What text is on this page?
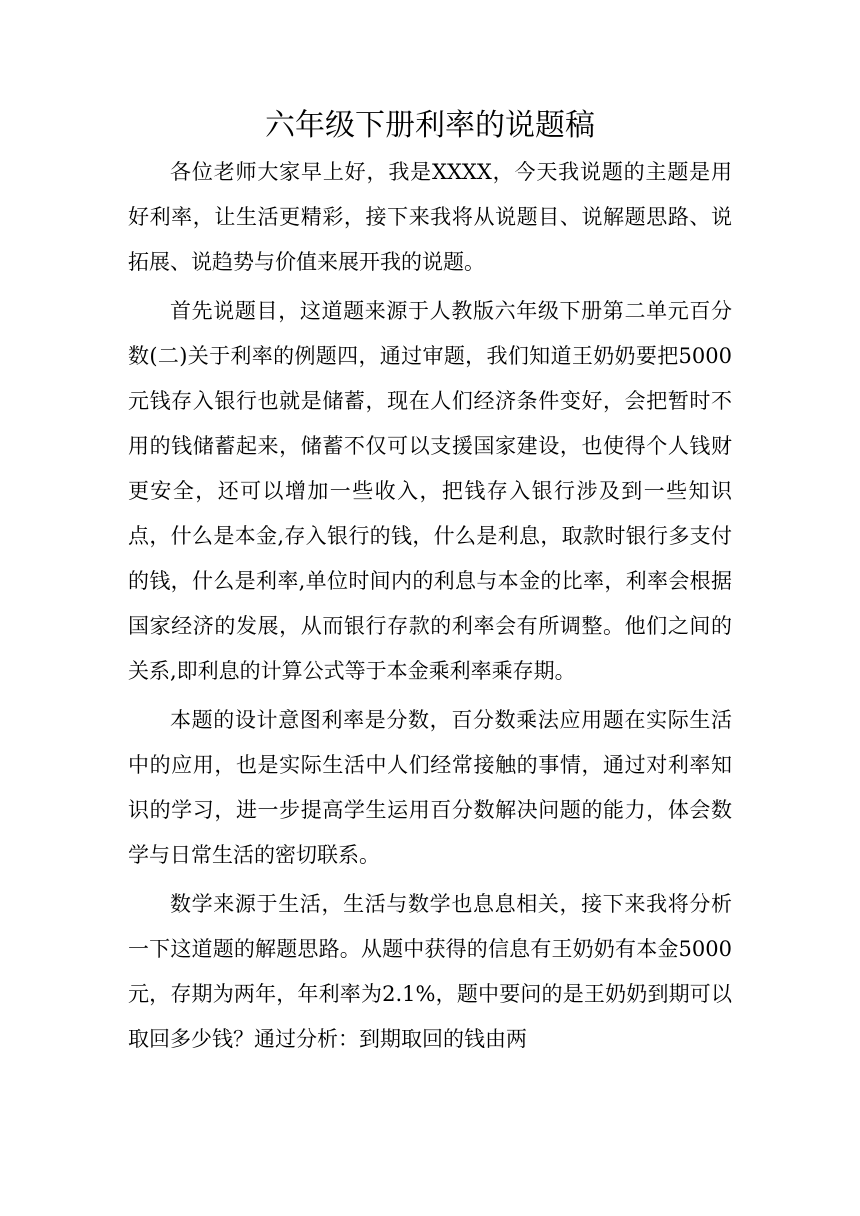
六年级下册利率的说题稿

各位老师大家早上好，我是XXXX，今天我说题的主题是用好利率，让生活更精彩，接下来我将从说题目、说解题思路、说拓展、说趋势与价值来展开我的说题。

首先说题目，这道题来源于人教版六年级下册第二单元百分数(二)关于利率的例题四，通过审题，我们知道王奶奶要把5000元钱存入银行也就是储蓄，现在人们经济条件变好，会把暂时不用的钱储蓄起来，储蓄不仅可以支援国家建设，也使得个人钱财更安全，还可以增加一些收入，把钱存入银行涉及到一些知识点，什么是本金,存入银行的钱，什么是利息，取款时银行多支付的钱，什么是利率,单位时间内的利息与本金的比率，利率会根据国家经济的发展，从而银行存款的利率会有所调整。他们之间的关系,即利息的计算公式等于本金乘利率乘存期。

本题的设计意图利率是分数，百分数乘法应用题在实际生活中的应用，也是实际生活中人们经常接触的事情，通过对利率知识的学习，进一步提高学生运用百分数解决问题的能力，体会数学与日常生活的密切联系。

数学来源于生活，生活与数学也息息相关，接下来我将分析一下这道题的解题思路。从题中获得的信息有王奶奶有本金5000元，存期为两年，年利率为2.1%，题中要问的是王奶奶到期可以取回多少钱？通过分析：到期取回的钱由两
